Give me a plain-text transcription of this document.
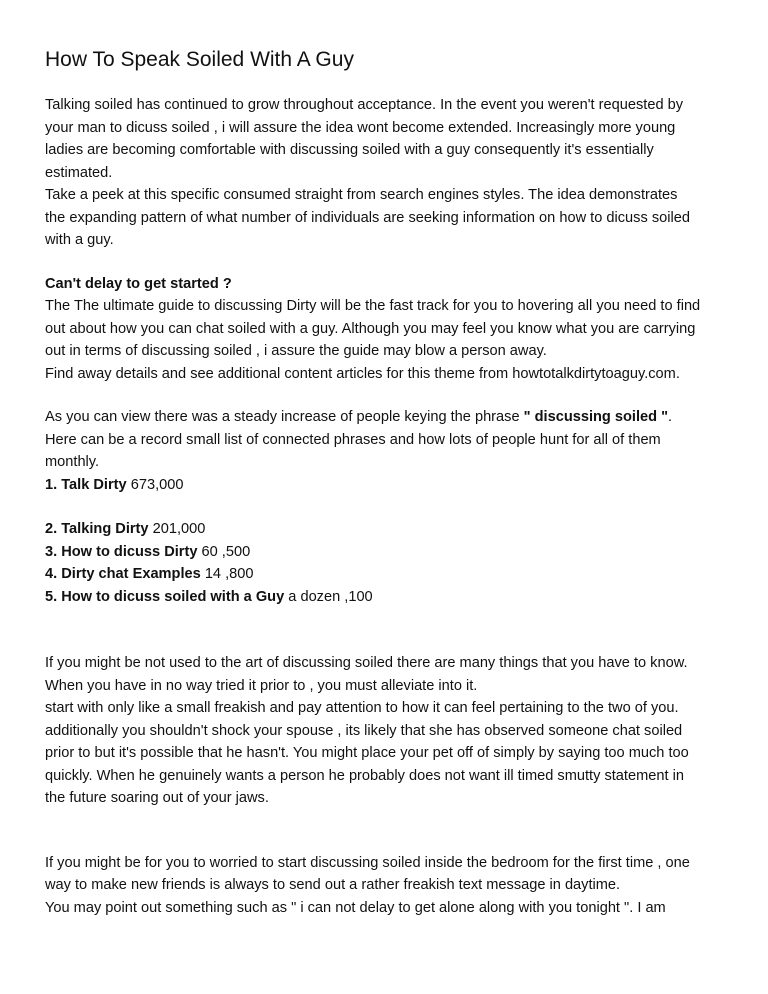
How To Speak Soiled With A Guy
Talking soiled has continued to grow throughout acceptance. In the event you weren't requested by
your man to dicuss soiled , i will assure the idea wont become extended. Increasingly more young
ladies are becoming comfortable with discussing soiled with a guy consequently it's essentially
estimated.
Take a peek at this specific consumed straight from search engines styles. The idea demonstrates
the expanding pattern of what number of individuals are seeking information on how to dicuss soiled
with a guy.
Can't delay to get started ?
The The ultimate guide to discussing Dirty will be the fast track for you to hovering all you need to find
out about how you can chat soiled with a guy. Although you may feel you know what you are carrying
out in terms of discussing soiled , i assure the guide may blow a person away.
Find away details and see additional content articles for this theme from howtotalkdirtytoaguy.com.
As you can view there was a steady increase of people keying the phrase " discussing soiled ".
Here can be a record small list of connected phrases and how lots of people hunt for all of them
monthly.
1. Talk Dirty 673,000
2. Talking Dirty 201,000
3. How to dicuss Dirty 60 ,500
4. Dirty chat Examples 14 ,800
5. How to dicuss soiled with a Guy a dozen ,100
If you might be not used to the art of discussing soiled there are many things that you have to know.
When you have in no way tried it prior to , you must alleviate into it.
start with only like a small freakish and pay attention to how it can feel pertaining to the two of you.
additionally you shouldn't shock your spouse , its likely that she has observed someone chat soiled
prior to but it's possible that he hasn't. You might place your pet off of simply by saying too much too
quickly. When he genuinely wants a person he probably does not want ill timed smutty statement in
the future soaring out of your jaws.
If you might be for you to worried to start discussing soiled inside the bedroom for the first time , one
way to make new friends is always to send out a rather freakish text message in daytime.
You may point out something such as " i can not delay to get alone along with you tonight ". I am
